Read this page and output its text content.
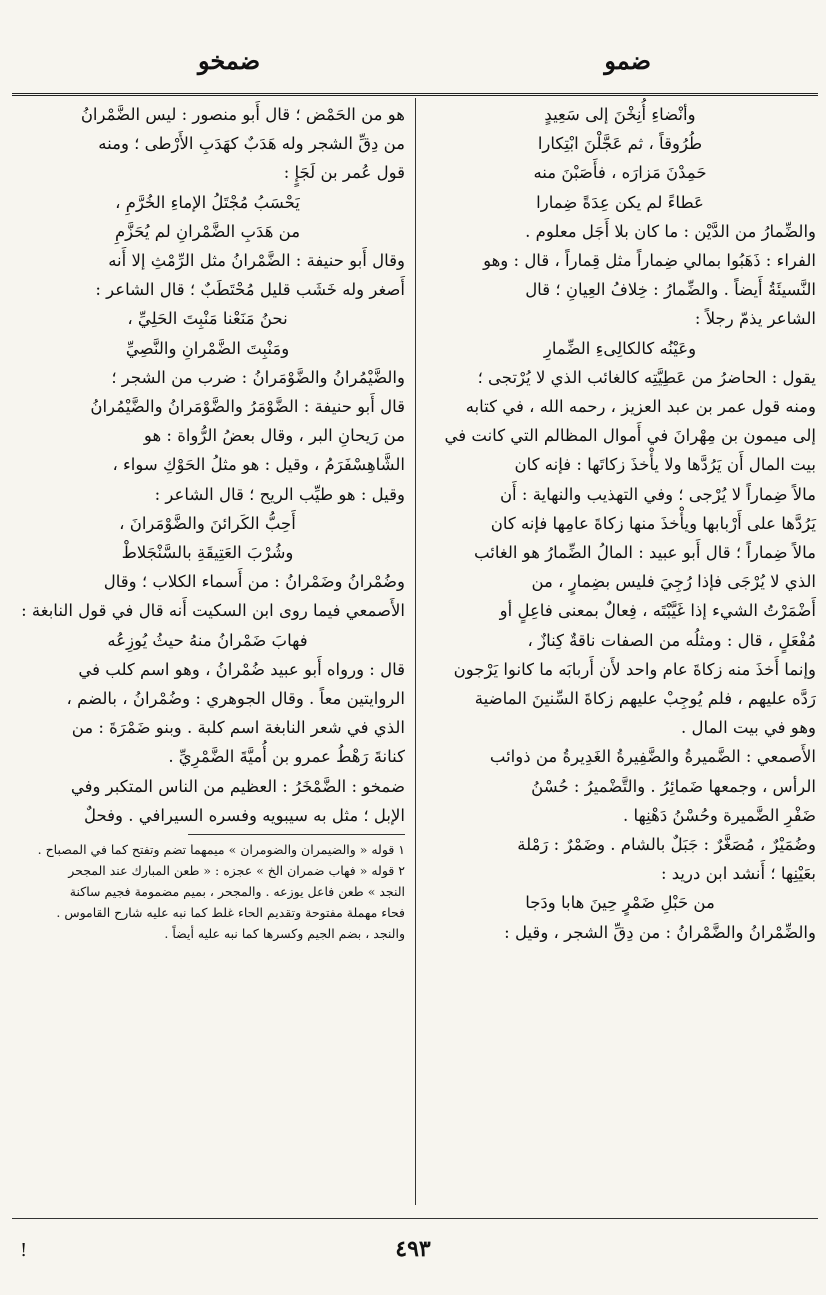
ضمو
ضمخو

وأنْضاءِ أُنِخْنَ إلى سَعِيدٍ

طُرُوقاً ، ثم عَجَّلْنَ ابْتِكارا

حَمِدْنَ مَزارَه ، فأَصَبْنَ منه

عَطاءً لم يكن عِدَةً ضِمارا

والضِّمارُ من الدَّيْن : ما كان بلا أَجَل معلوم .

الفراء : ذَهَبُوا بمالي ضِماراً مثل قِماراً ، قال : وهو

النَّسيئَةُ أَيضاً . والضِّمارُ : خِلافُ العِيانِ ؛ قال

الشاعر يذمّ رجلاً :

وعَيْنُه كالكالِىءِ الضِّمارِ

يقول : الحاضرُ من عَطِيَّتِه كالغائب الذي لا يُرْتجى ؛

ومنه قول عمر بن عبد العزيز ، رحمه الله ، في كتابه

إلى ميمون بن مِهْرانَ في أَموال المظالم التي كانت في

بيت المال أَن يَرُدَّها ولا يأْخذَ زكاتَها : فإنه كان

مالاً ضِماراً لا يُرْجى ؛ وفي التهذيب والنهاية : أَن

يَرُدَّها على أَرْبابها ويأْخذَ منها زكاةَ عامِها فإنه كان

مالاً ضِماراً ؛ قال أَبو عبيد : المالُ الضِّمارُ هو الغائب

الذي لا يُرْجَى فإذا رُجِيَ فليس بضِمارٍ ، من

أَضْمَرْتُ الشيء إذا غَيَّبْتَه ، فِعالٌ بمعنى فاعِلٍ أو

مُفْعَلٍ ، قال : ومثلُه من الصفات ناقةٌ كِنازٌ ،

وإنما أَخذَ منه زكاةَ عام واحد لأَن أَربابَه ما كانوا يَرْجون

رَدَّه عليهم ، فلم يُوجِبْ عليهم زكاةَ السِّنينَ الماضية

وهو في بيت المال .

الأَصمعي : الضَّميرةُ والضَّفِيرةُ الغَدِيرةُ من ذوائب

الرأس ، وجمعها ضَمائِرُ . والتَّضْميرُ : حُسْنُ

ضَفْرِ الضَّميرة وحُسْنُ دَهْنِها .

وضُمَيْرٌ ، مُصَغَّرٌ : جَبَلٌ بالشام . وضَمْرٌ : رَمْلة

بعَيْنِها ؛ أَنشد ابن دريد :

من حَبْلِ ضَمْرٍ حِينَ هابا ودَجا

والضِّمْرانُ والضَّمْرانُ : من دِقِّ الشجر ، وقيل :

هو من الحَمْض ؛ قال أَبو منصور : ليس الضَّمْرانُ

من دِقِّ الشجر وله هَدَبٌ كهَدَبِ الأَرْطى ؛ ومنه

قول عُمر بن لَجَإٍ :

يَحْسَبُ مُجْتَلُ الإماءِ الخُرَّمِ ،

من هَدَبِ الضَّمْرانِ لم يُحَزَّمِ

وقال أَبو حنيفة : الضَّمْرانُ مثل الرِّمْثِ إلا أَنه

أَصغر وله خَشَب قليل مُحْتَطَبٌ ؛ قال الشاعر :

نحنُ مَنَعْنا مَنْبِتَ الحَلِيِّ ،

ومَنْبِتَ الضَّمْرانِ والنَّصِيِّ

والضَّيْمُرانُ والضَّوْمَرانُ : ضرب من الشجر ؛

قال أَبو حنيفة : الضَّوْمَرُ والضَّوْمَرانُ والضَّيْمُرانُ

من رَيحانِ البر ، وقال بعضُ الرُّواة : هو

الشَّاهِسْفَرَمُ ، وقيل : هو مثلُ الحَوْكِ سواء ،

وقيل : هو طيِّب الريح ؛ قال الشاعر :

أَحِبُّ الكَرائنَ والضَّوْمَرانَ ،

وشُرْبَ العَتِيقَةِ بالسَّنْجَلاطْ

وضُمْرانُ وضَمْرانُ : من أَسماء الكلاب ؛ وقال

الأَصمعي فيما روى ابن السكيت أَنه قال في قول النابغة :

فهابَ ضَمْرانُ منهُ حيثُ يُوزِعُه

قال : ورواه أَبو عبيد ضُمْرانُ ، وهو اسم كلب في

الروايتين معاً . وقال الجوهري : وضُمْرانُ ، بالضم ،

الذي في شعر النابغة اسم كلبة . وبنو ضَمْرَةَ : من

كنانةَ رَهْطُ عمرو بن أُميَّةَ الضَّمْرِيِّ .

ضمخو : الضَّمْخَرُ : العظيم من الناس المتكبر وفي

الإبل ؛ مثل به سيبويه وفسره السيرافي . وفحلٌ

١ قوله « والضيمران والضومران » ميمهما تضم وتفتح كما في المصباح .

٢ قوله « فهاب ضمران الخ » عجزه : « طعن المبارك عند المجحر

النجد » طعن فاعل يوزعه . والمجحر ، بميم مضمومة فجيم ساكنة

فحاء مهملة مفتوحة وتقديم الحاء غلط كما نبه عليه شارح القاموس .

والنجد ، بضم الجيم وكسرها كما نبه عليه أيضاً .

!	٤٩٣
